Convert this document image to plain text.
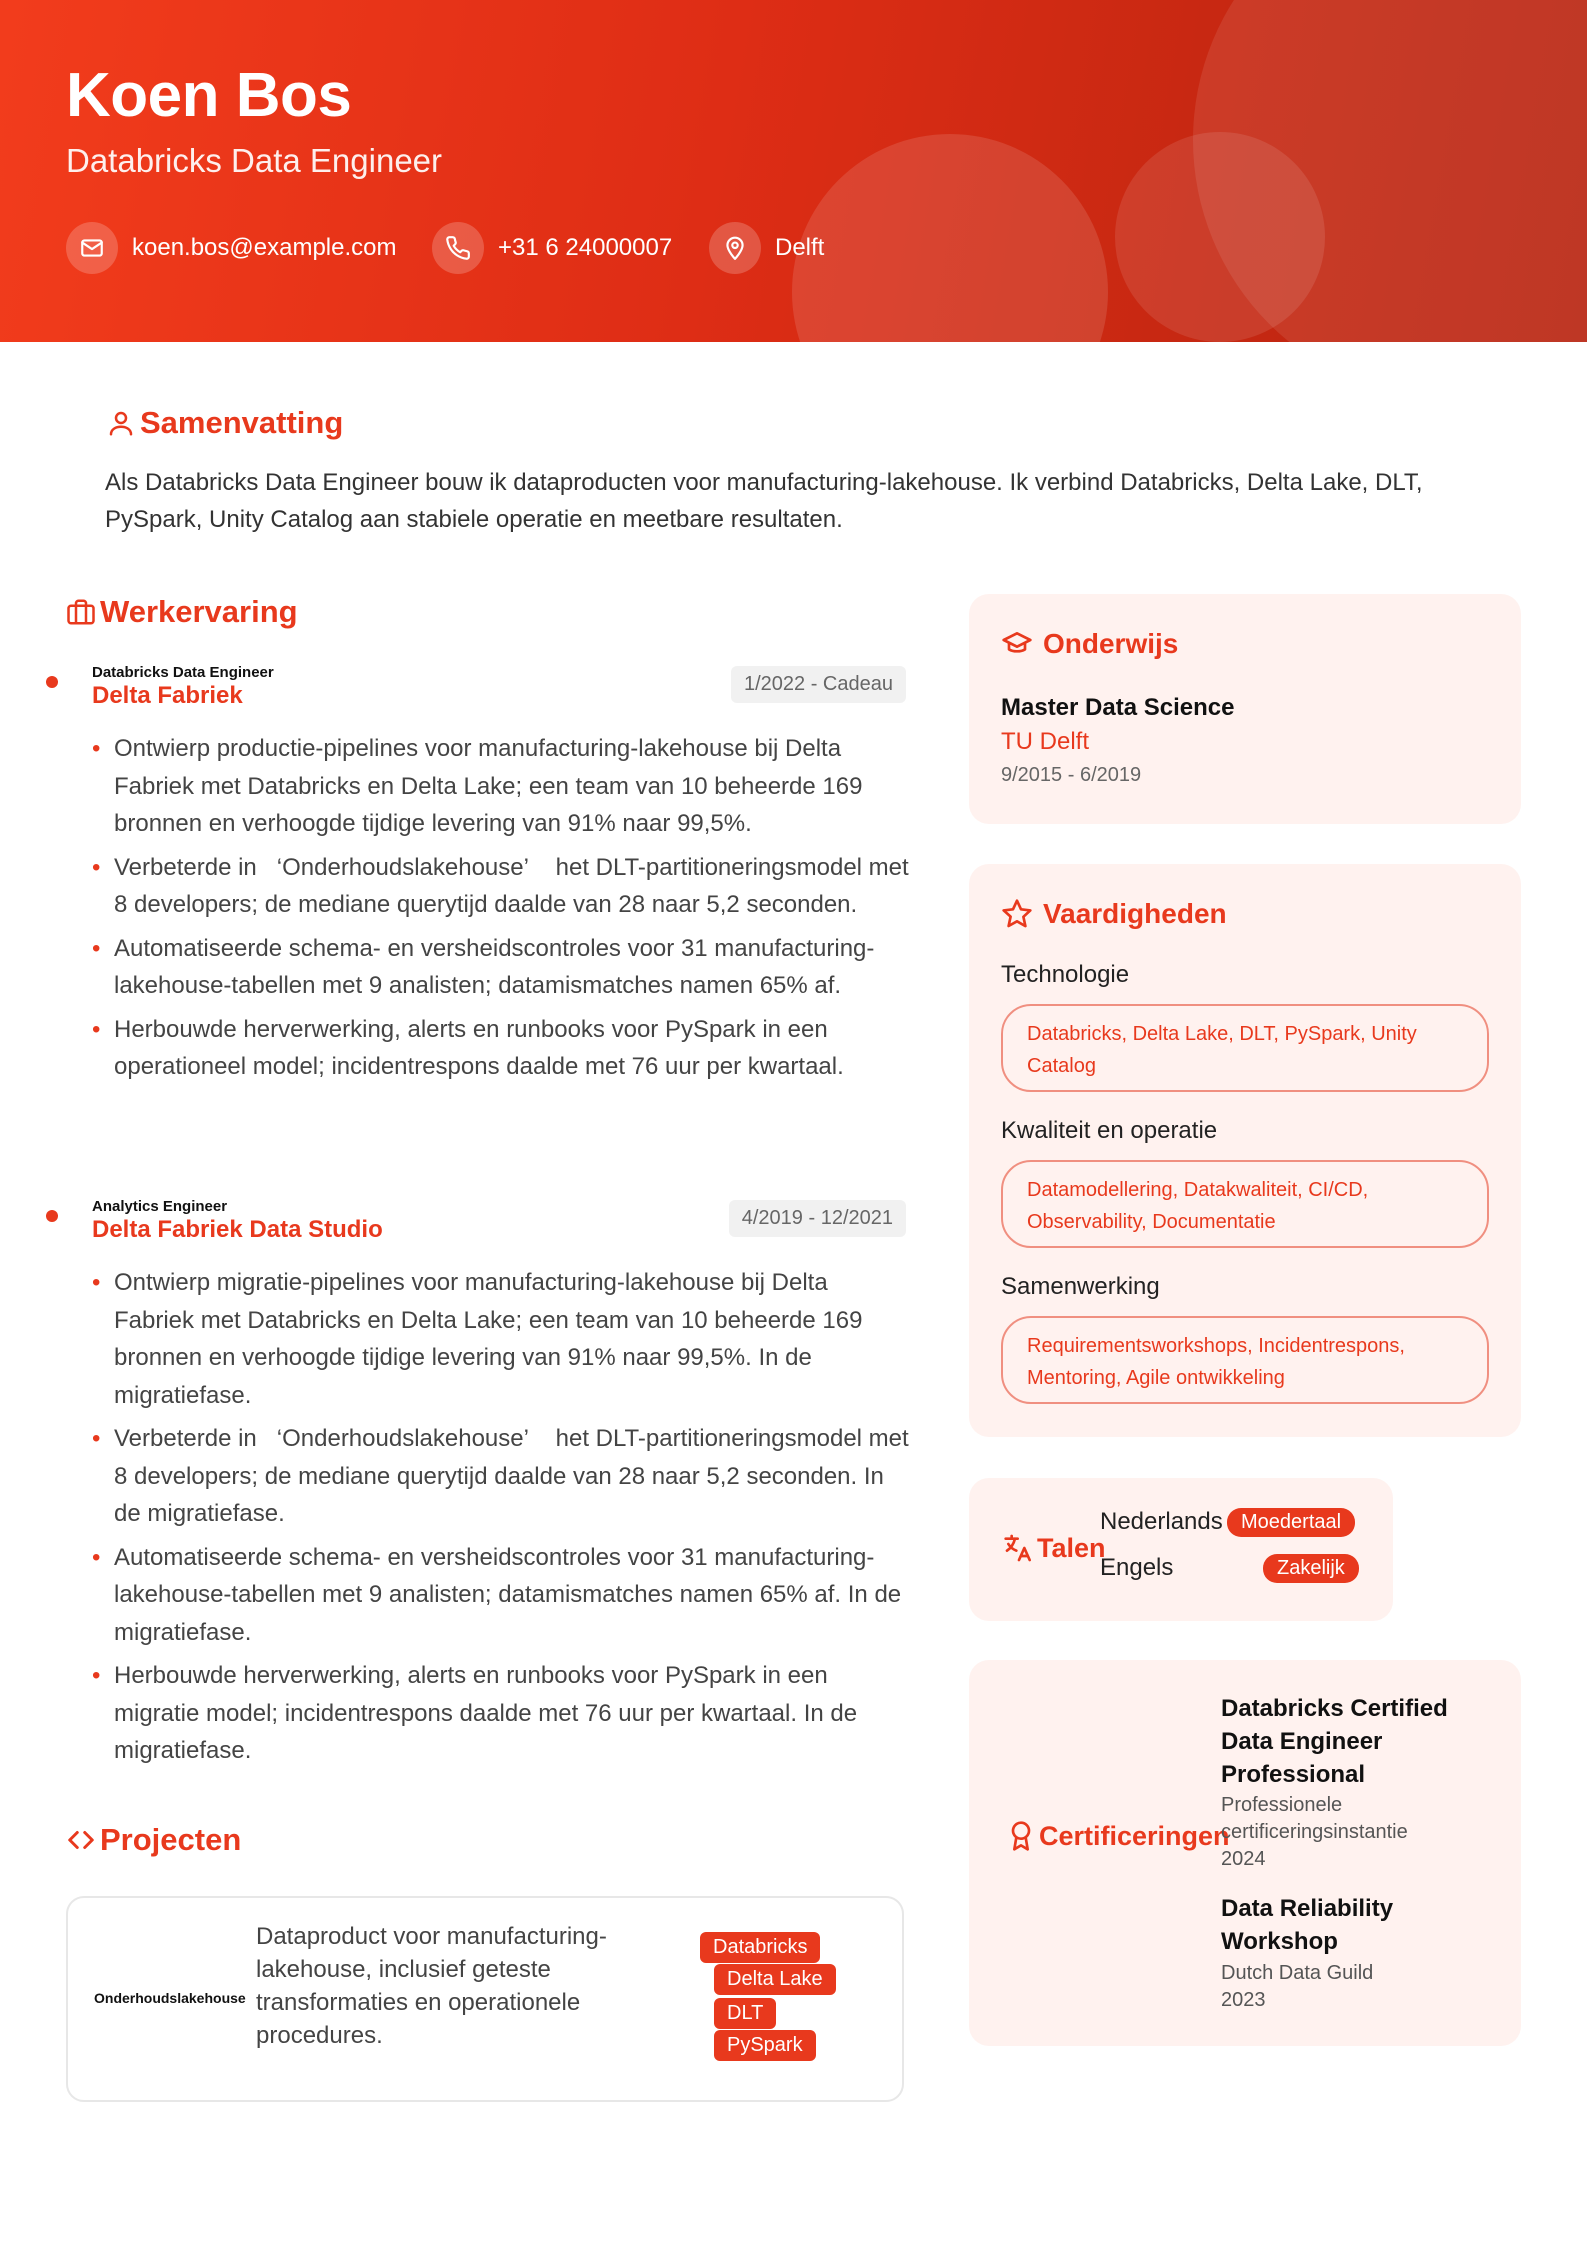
Koen Bos
Databricks Data Engineer
koen.bos@example.com	+31 6 24000007	Delft
Samenvatting
Als Databricks Data Engineer bouw ik dataproducten voor manufacturing-lakehouse. Ik verbind Databricks, Delta Lake, DLT, PySpark, Unity Catalog aan stabiele operatie en meetbare resultaten.
Werkervaring
Databricks Data Engineer
Delta Fabriek	1/2022 - Cadeau
• Ontwierp productie-pipelines voor manufacturing-lakehouse bij Delta Fabriek met Databricks en Delta Lake; een team van 10 beheerde 169 bronnen en verhoogde tijdige levering van 91% naar 99,5%.
• Verbeterde in   ‘Onderhoudslakehouse’    het DLT-partitioneringsmodel met 8 developers; de mediane querytijd daalde van 28 naar 5,2 seconden.
• Automatiseerde schema- en versheidscontroles voor 31 manufacturing-lakehouse-tabellen met 9 analisten; datamismatches namen 65% af.
• Herbouwde herverwerking, alerts en runbooks voor PySpark in een operationeel model; incidentrespons daalde met 76 uur per kwartaal.
Analytics Engineer
Delta Fabriek Data Studio	4/2019 - 12/2021
• Ontwierp migratie-pipelines voor manufacturing-lakehouse bij Delta Fabriek met Databricks en Delta Lake; een team van 10 beheerde 169 bronnen en verhoogde tijdige levering van 91% naar 99,5%. In de migratiefase.
• Verbeterde in   ‘Onderhoudslakehouse’    het DLT-partitioneringsmodel met 8 developers; de mediane querytijd daalde van 28 naar 5,2 seconden. In de migratiefase.
• Automatiseerde schema- en versheidscontroles voor 31 manufacturing-lakehouse-tabellen met 9 analisten; datamismatches namen 65% af. In de migratiefase.
• Herbouwde herverwerking, alerts en runbooks voor PySpark in een migratie model; incidentrespons daalde met 76 uur per kwartaal. In de migratiefase.
Projecten
Onderhoudslakehouse
Dataproduct voor manufacturing-lakehouse, inclusief geteste transformaties en operationele procedures.
Databricks
Delta Lake
DLT
PySpark
Onderwijs
Master Data Science
TU Delft
9/2015 - 6/2019
Vaardigheden
Technologie
Databricks, Delta Lake, DLT, PySpark, Unity Catalog
Kwaliteit en operatie
Datamodellering, Datakwaliteit, CI/CD, Observability, Documentatie
Samenwerking
Requirementsworkshops, Incidentrespons, Mentoring, Agile ontwikkeling
Talen
Nederlands Moedertaal
Engels	Zakelijk
Certificeringen
Databricks Certified Data Engineer Professional
Professionele certificeringsinstantie
2024
Data Reliability Workshop
Dutch Data Guild
2023
